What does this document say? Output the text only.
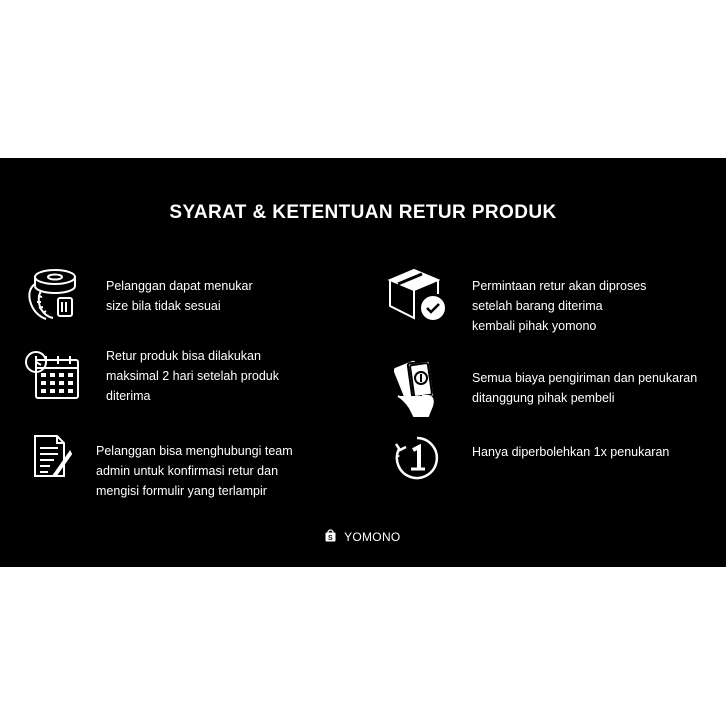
SYARAT & KETENTUAN RETUR PRODUK
Pelanggan dapat menukar
size bila tidak sesuai
Retur produk bisa dilakukan
maksimal 2 hari setelah produk
diterima
Pelanggan bisa menghubungi team
admin untuk konfirmasi retur dan
mengisi formulir yang terlampir
Permintaan retur akan diproses
setelah barang diterima
kembali pihak yomono
Semua biaya pengiriman dan penukaran
ditanggung pihak pembeli
Hanya diperbolehkan 1x penukaran
S YOMONO
